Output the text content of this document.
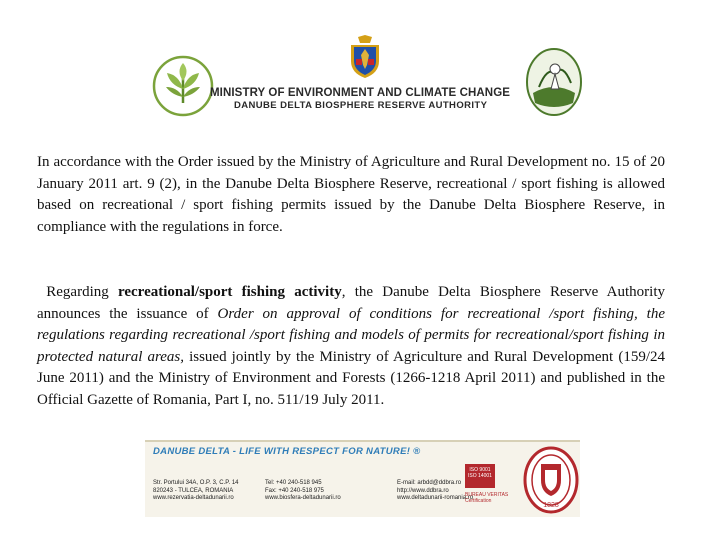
MINISTRY OF ENVIRONMENT AND CLIMATE CHANGE
DANUBE DELTA BIOSPHERE RESERVE AUTHORITY

In accordance with the Order issued by the Ministry of Agriculture and Rural Development no. 15 of 20 January 2011 art. 9 (2), in the Danube Delta Biosphere Reserve, recreational / sport fishing is allowed based on recreational / sport fishing permits issued by the Danube Delta Biosphere Reserve, in compliance with the regulations in force.

Regarding recreational/sport fishing activity, the Danube Delta Biosphere Reserve Authority announces the issuance of Order on approval of conditions for recreational /sport fishing, the regulations regarding recreational /sport fishing and models of permits for recreational/sport fishing in protected natural areas, issued jointly by the Ministry of Agriculture and Rural Development (159/24 June 2011) and the Ministry of Environment and Forests (1266-1218 April 2011) and published in the Official Gazette of Romania, Part I, no. 511/19 July 2011.

DANUBE DELTA - LIFE WITH RESPECT FOR NATURE! ®
Str. Portului 34A, O.P. 3, C.P. 14
820243 - TULCEA, ROMANIA
www.rezervatia-deltadunarii.ro
Tel: +40 240-518 945
Fax: +40 240-518 975
www.biosfera-deltadunarii.ro
E-mail: arbdd@ddbra.ro
http://www.ddbra.ro
www.deltadunarii-romania.ro
ISO 9001
ISO 14001
BUREAU VERITAS
Certification
1828
